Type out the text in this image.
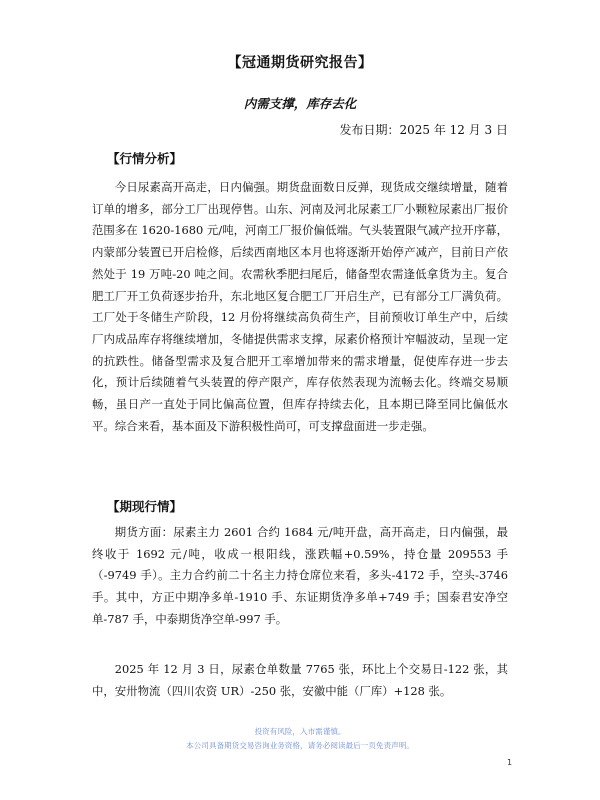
【冠通期货研究报告】
内需支撑，库存去化
发布日期：2025 年 12 月 3 日
【行情分析】

今日尿素高开高走，日内偏强。期货盘面数日反弹，现货成交继续增量，随着订单的增多，部分工厂出现停售。山东、河南及河北尿素工厂小颗粒尿素出厂报价范围多在 1620-1680 元/吨，河南工厂报价偏低端。气头装置限气减产拉开序幕，内蒙部分装置已开启检修，后续西南地区本月也将逐渐开始停产减产，目前日产依然处于 19 万吨-20 吨之间。农需秋季肥扫尾后，储备型农需逢低拿货为主。复合肥工厂开工负荷逐步抬升，东北地区复合肥工厂开启生产，已有部分工厂满负荷。工厂处于冬储生产阶段，12 月份将继续高负荷生产，目前预收订单生产中，后续厂内成品库存将继续增加，冬储提供需求支撑，尿素价格预计窄幅波动，呈现一定的抗跌性。储备型需求及复合肥开工率增加带来的需求增量，促使库存进一步去化，预计后续随着气头装置的停产限产，库存依然表现为流畅去化。终端交易顺畅，虽日产一直处于同比偏高位置，但库存持续去化，且本期已降至同比偏低水平。综合来看，基本面及下游积极性尚可，可支撑盘面进一步走强。

【期现行情】

期货方面：尿素主力 2601 合约 1684 元/吨开盘，高开高走，日内偏强，最终收于 1692 元/吨，收成一根阳线，涨跌幅+0.59%，持仓量 209553 手（-9749 手）。主力合约前二十名主力持仓席位来看，多头-4172 手，空头-3746 手。其中，方正中期净多单-1910 手、东证期货净多单+749 手；国泰君安净空单-787 手，中泰期货净空单-997 手。

2025 年 12 月 3 日，尿素仓单数量 7765 张，环比上个交易日-122 张，其中，安卅物流（四川农资 UR）-250 张，安徽中能（厂库）+128 张。

投资有风险，入市需谨慎。
本公司具备期货交易咨询业务资格，请务必阅读最后一页免责声明。
1
